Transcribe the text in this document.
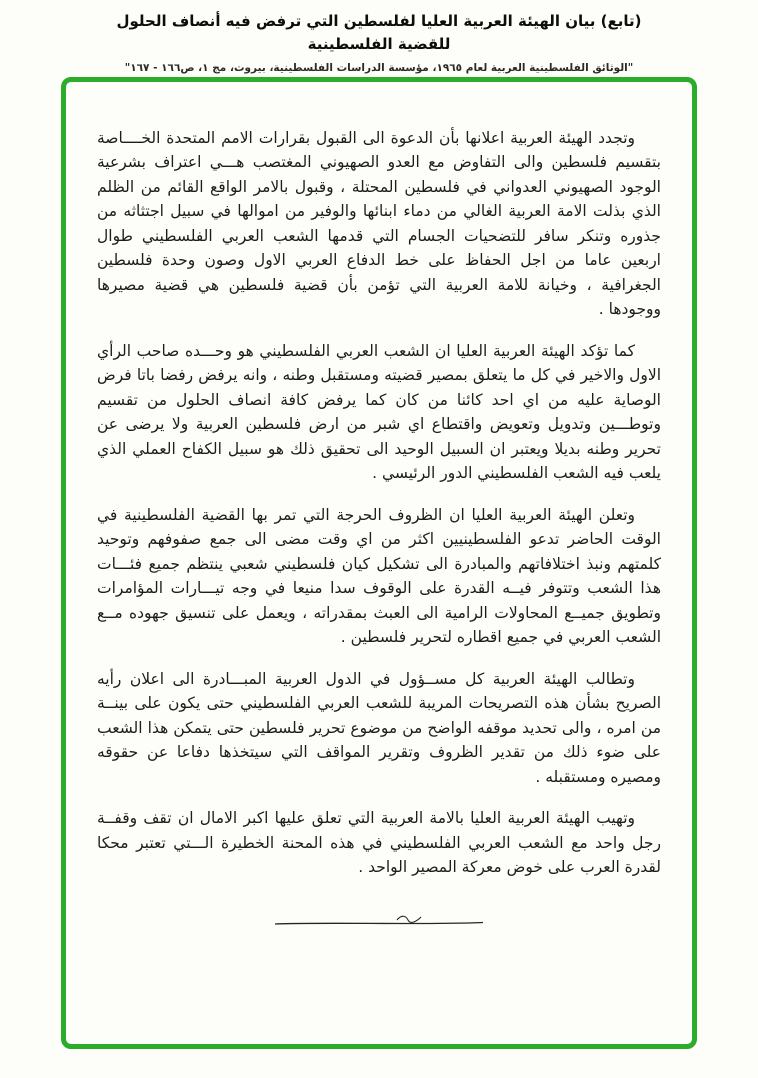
(تابع) بيان الهيئة العربية العليا لفلسطين التي ترفض فيه أنصاف الحلول للقضية الفلسطينية
"الوثائق الفلسطينية العربية لعام ١٩٦٥، مؤسسة الدراسات الفلسطينية، بيروت، مج ١، ص١٦٦ - ١٦٧"

وتجدد الهيئة العربية اعلانها بأن الدعوة الى القبول بقرارات الامم المتحدة الخــــاصة بتقسيم فلسطين والى التفاوض مع العدو الصهيوني المغتصب هـــي اعتراف بشرعية الوجود الصهيوني العدواني في فلسطين المحتلة ، وقبول بالامر الواقع القائم من الظلم الذي بذلت الامة العربية الغالي من دماء ابنائها والوفير من اموالها في سبيل اجتثاثه من جذوره وتنكر سافر للتضحيات الجسام التي قدمها الشعب العربي الفلسطيني طوال اربعين عاما من اجل الحفاظ على خط الدفاع العربي الاول وصون وحدة فلسطين الجغرافية ، وخيانة للامة العربية التي تؤمن بأن قضية فلسطين هي قضية مصيرها ووجودها .

كما تؤكد الهيئة العربية العليا ان الشعب العربي الفلسطيني هو وحـــده صاحب الرأي الاول والاخير في كل ما يتعلق بمصير قضيته ومستقبل وطنه ، وانه يرفض رفضا باتا فرض الوصاية عليه من اي احد كائنا من كان كما يرفض كافة انصاف الحلول من تقسيم وتوطـــين وتدويل وتعويض واقتطاع اي شبر من ارض فلسطين العربية ولا يرضى عن تحرير وطنه بديلا ويعتبر ان السبيل الوحيد الى تحقيق ذلك هو سبيل الكفاح العملي الذي يلعب فيه الشعب الفلسطيني الدور الرئيسي .

وتعلن الهيئة العربية العليا ان الظروف الحرجة التي تمر بها القضية الفلسطينية في الوقت الحاضر تدعو الفلسطينيين اكثر من اي وقت مضى الى جمع صفوفهم وتوحيد كلمتهم ونبذ اختلافاتهم والمبادرة الى تشكيل كيان فلسطيني شعبي ينتظم جميع فئـــات هذا الشعب وتتوفر فيــه القدرة على الوقوف سدا منيعا في وجه تيـــارات المؤامرات وتطويق جميــع المحاولات الرامية الى العبث بمقدراته ، ويعمل على تنسيق جهوده مــع الشعب العربي في جميع اقطاره لتحرير فلسطين .

وتطالب الهيئة العربية كل مســؤول في الدول العربية المبـــادرة الى اعلان رأيه الصريح بشأن هذه التصريحات المريبة للشعب العربي الفلسطيني حتى يكون على بينــة من امره ، والى تحديد موقفه الواضح من موضوع تحرير فلسطين حتى يتمكن هذا الشعب على ضوء ذلك من تقدير الظروف وتقرير المواقف التي سيتخذها دفاعا عن حقوقه ومصيره ومستقبله .

وتهيب الهيئة العربية العليا بالامة العربية التي تعلق عليها اكبر الامال ان تقف وقفــة رجل واحد مع الشعب العربي الفلسطيني في هذه المحنة الخطيرة الـــتي تعتبر محكا لقدرة العرب على خوض معركة المصير الواحد .
